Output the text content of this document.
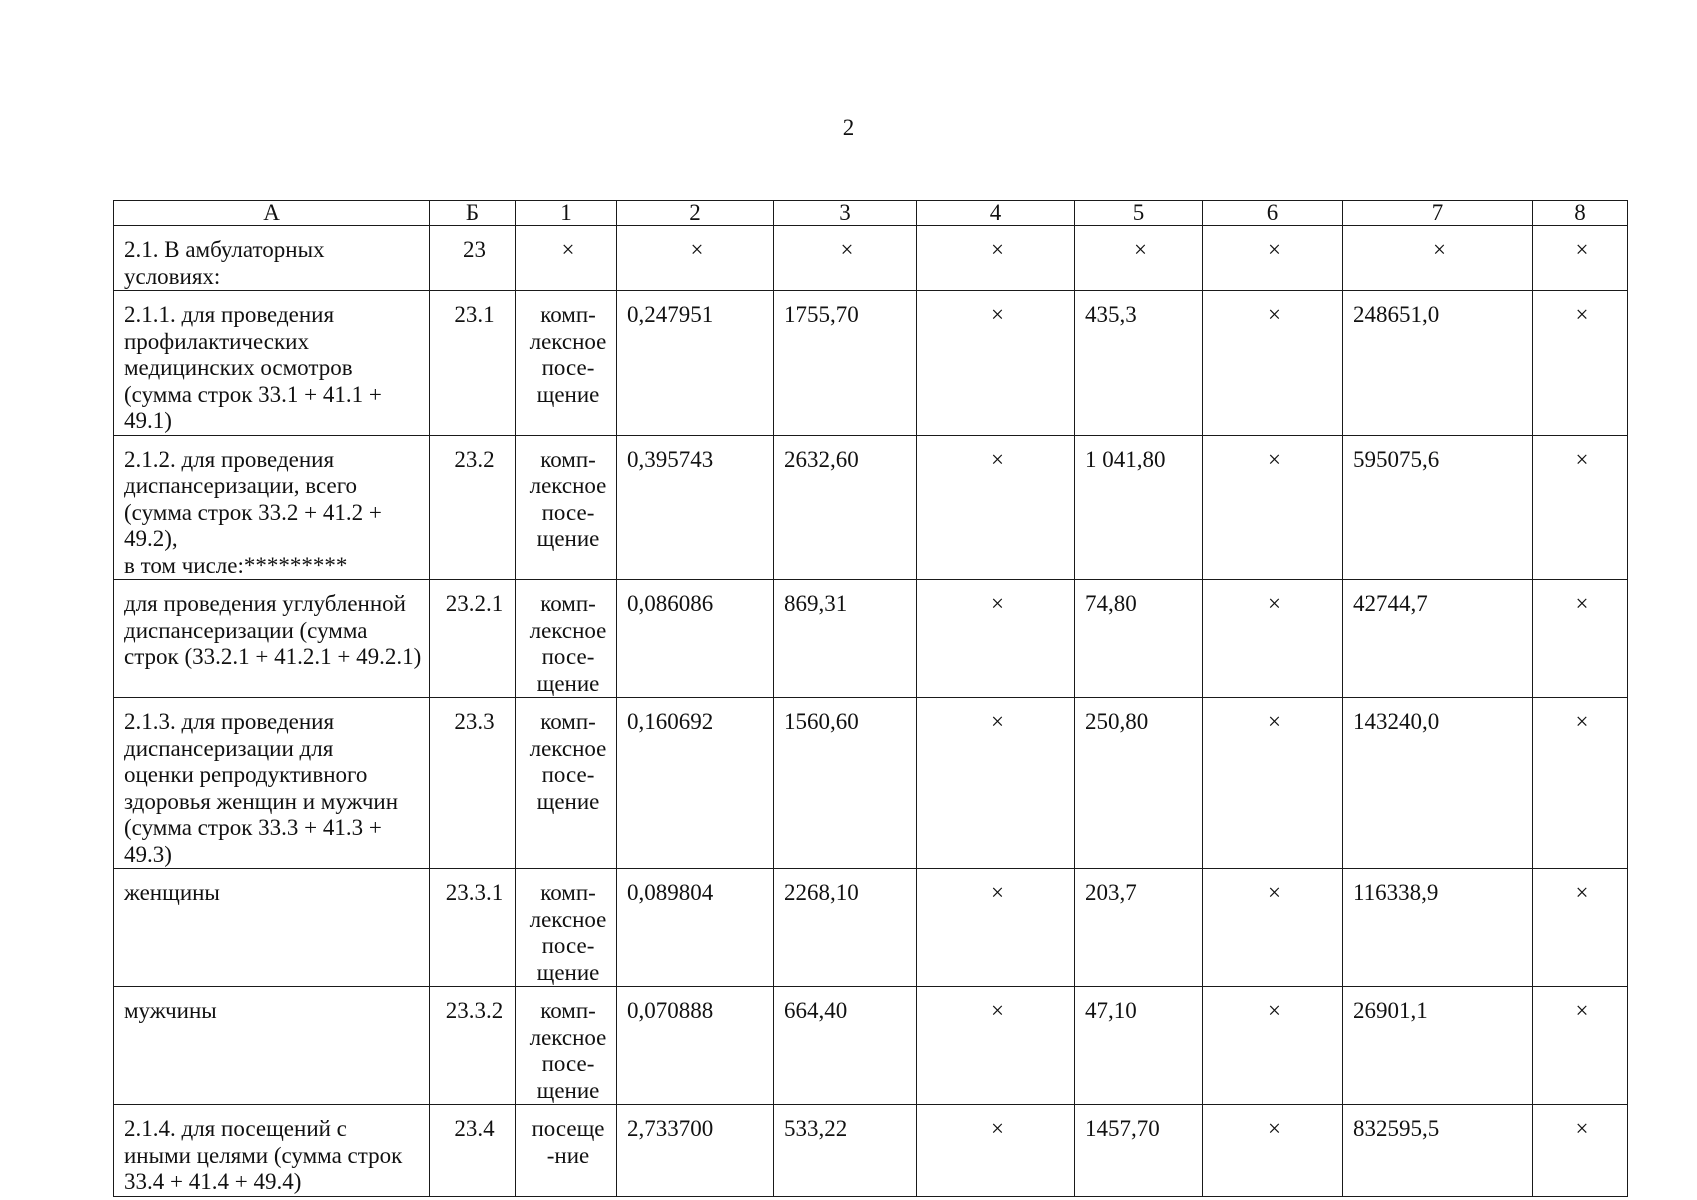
2
А	Б	1	2	3	4	5	6	7	8

2.1. В амбулаторных
условиях:	23	×	×	×	×	×	×	×	×

2.1.1. для проведения
профилактических
медицинских осмотров
(сумма строк 33.1 + 41.1 + 49.1)	23.1	комп-
лексное
посе-
щение	0,247951	1755,70	×	435,3	×	248651,0	×

2.1.2. для проведения
диспансеризации, всего
(сумма строк 33.2 + 41.2 + 49.2),
в том числе:*********	23.2	комп-
лексное
посе-
щение	0,395743	2632,60	×	1 041,80	×	595075,6	×

для проведения углубленной
диспансеризации (сумма
строк (33.2.1 + 41.2.1 + 49.2.1)	23.2.1	комп-
лексное
посе-
щение	0,086086	869,31	×	74,80	×	42744,7	×

2.1.3. для проведения
диспансеризации для
оценки репродуктивного
здоровья женщин и мужчин
(сумма строк 33.3 + 41.3 + 49.3)	23.3	комп-
лексное
посе-
щение	0,160692	1560,60	×	250,80	×	143240,0	×

женщины	23.3.1	комп-
лексное
посе-
щение	0,089804	2268,10	×	203,7	×	116338,9	×

мужчины	23.3.2	комп-
лексное
посе-
щение	0,070888	664,40	×	47,10	×	26901,1	×

2.1.4. для посещений с
иными целями (сумма строк
33.4 + 41.4 + 49.4)	23.4	посеще
-ние	2,733700	533,22	×	1457,70	×	832595,5	×
